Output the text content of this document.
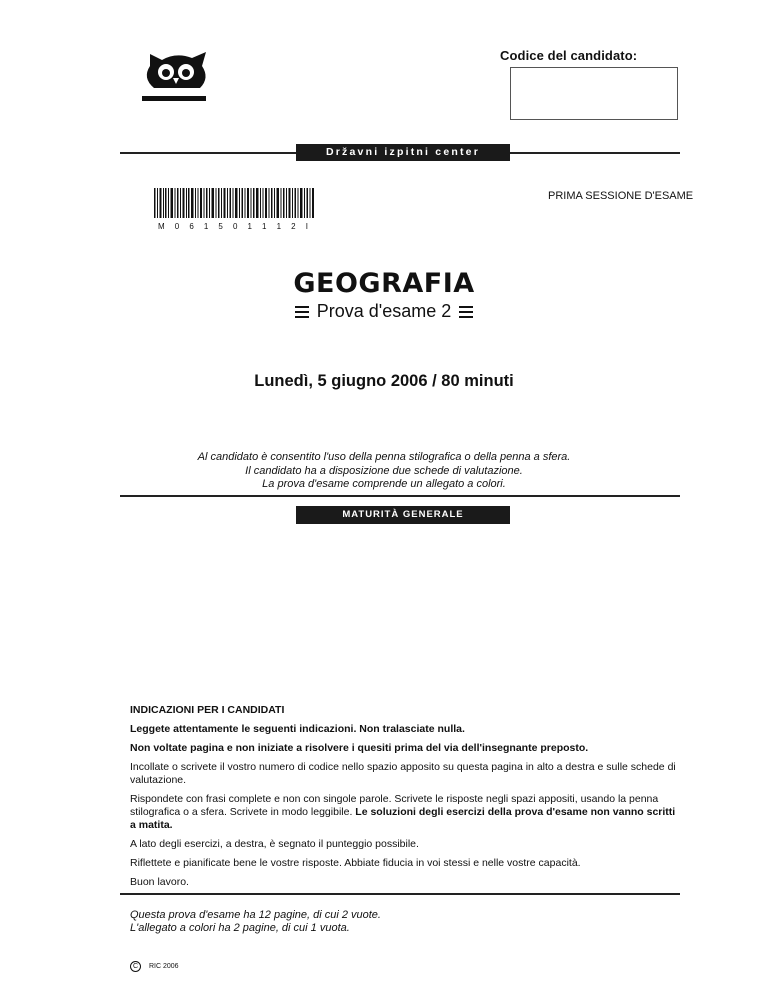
Codice del candidato:
Državni izpitni center
M 0 6 1 5 0 1 1 1 2 I
PRIMA SESSIONE D'ESAME
GEOGRAFIA
Prova d'esame 2
Lunedì, 5 giugno 2006 / 80 minuti
Al candidato è consentito l'uso della penna stilografica o della penna a sfera.
Il candidato ha a disposizione due schede di valutazione.
La prova d'esame comprende un allegato a colori.
MATURITÀ GENERALE
INDICAZIONI PER I CANDIDATI

Leggete attentamente le seguenti indicazioni. Non tralasciate nulla.

Non voltate pagina e non iniziate a risolvere i quesiti prima del via dell'insegnante preposto.

Incollate o scrivete il vostro numero di codice nello spazio apposito su questa pagina in alto a destra e sulle schede di valutazione.

Rispondete con frasi complete e non con singole parole. Scrivete le risposte negli spazi appositi, usando la penna stilografica o a sfera. Scrivete in modo leggibile. Le soluzioni degli esercizi della prova d'esame non vanno scritti a matita.

A lato degli esercizi, a destra, è segnato il punteggio possibile.

Riflettete e pianificate bene le vostre risposte. Abbiate fiducia in voi stessi e nelle vostre capacità.

Buon lavoro.

Questa prova d'esame ha 12 pagine, di cui 2 vuote.
L'allegato a colori ha 2 pagine, di cui 1 vuota.
C	RIC 2006
